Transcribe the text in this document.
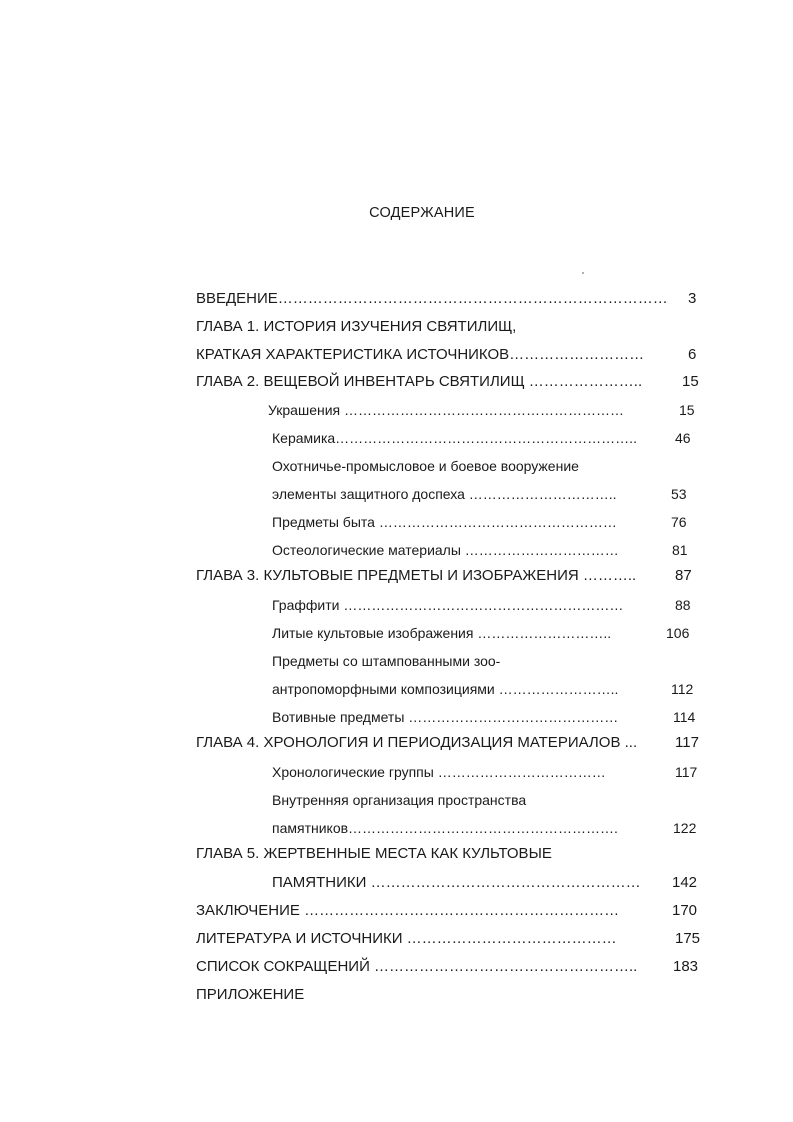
СОДЕРЖАНИЕ
ВВЕДЕНИЕ…………………………………………………………………… 3
ГЛАВА 1. ИСТОРИЯ ИЗУЧЕНИЯ СВЯТИЛИЩ,
КРАТКАЯ ХАРАКТЕРИСТИКА ИСТОЧНИКОВ………………………	6
ГЛАВА 2. ВЕЩЕВОЙ ИНВЕНТАРЬ СВЯТИЛИЩ …………………..	15
Украшения ……………………………………………………	15
Керамика………………………………………………………..	46
Охотничье-промысловое и боевое вооружение
элементы защитного доспеха …………………………..	53
Предметы быта ……………………………………………	76
Остеологические материалы ……………………………	81
ГЛАВА 3. КУЛЬТОВЫЕ ПРЕДМЕТЫ И ИЗОБРАЖЕНИЯ ………..	87
Граффити ……………………………………………………	88
Литые культовые изображения ………………………..	106
Предметы со штампованными зоо-
антропоморфными композициями ……………………..	112
Вотивные предметы ………………………………………	114
ГЛАВА 4. ХРОНОЛОГИЯ И ПЕРИОДИЗАЦИЯ МАТЕРИАЛОВ ...	117
Хронологические группы ………………………………	117
Внутренняя организация пространства
памятников………………………………………………….	122
ГЛАВА 5. ЖЕРТВЕННЫЕ МЕСТА КАК КУЛЬТОВЫЕ
ПАМЯТНИКИ ……………………………………………… 142
ЗАКЛЮЧЕНИЕ ………………………………………………………	170
ЛИТЕРАТУРА И ИСТОЧНИКИ ……………………………………	175
СПИСОК СОКРАЩЕНИЙ …………………………………………….. 183
ПРИЛОЖЕНИЕ
